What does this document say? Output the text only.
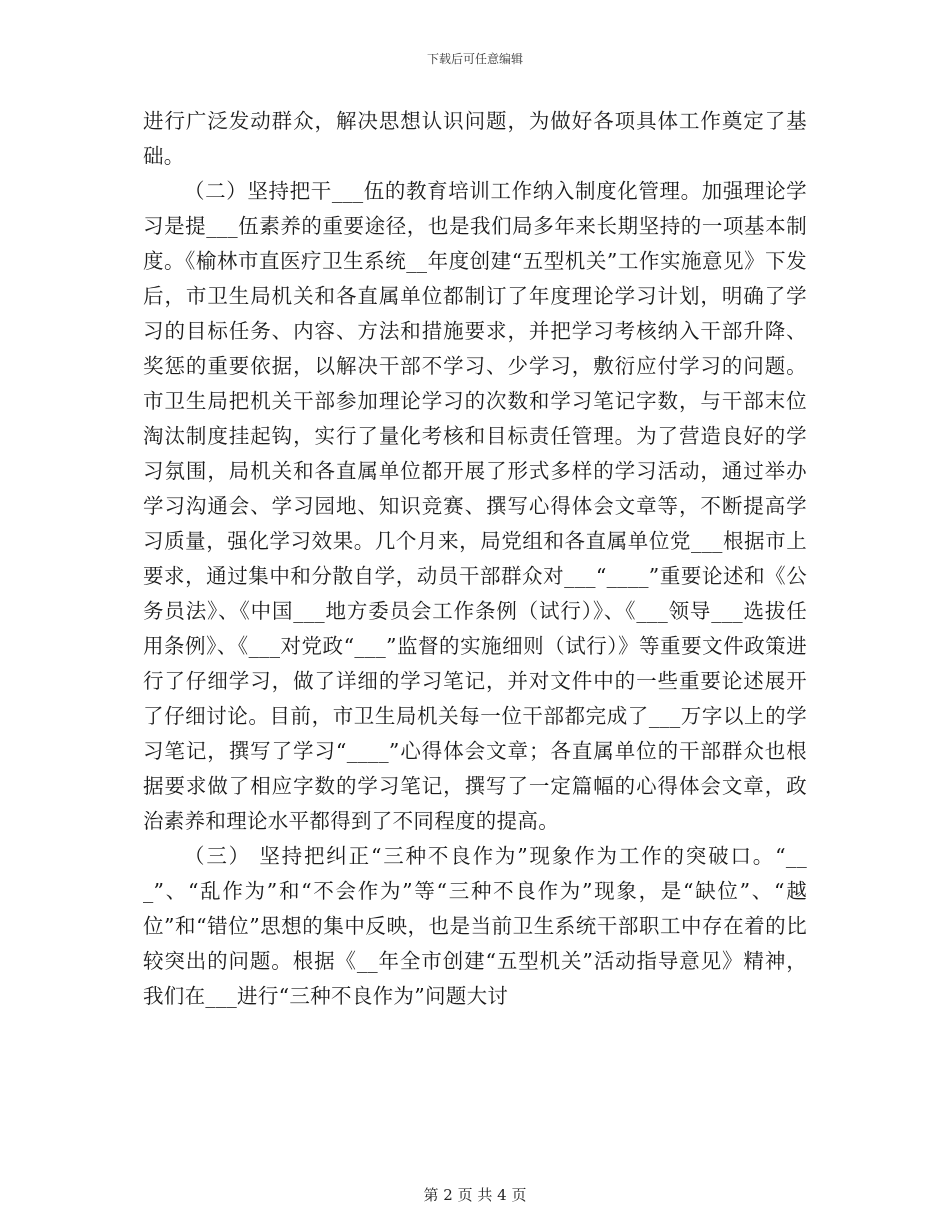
下载后可任意编辑

进行广泛发动群众，解决思想认识问题，为做好各项具体工作奠定了基础。

（二）坚持把干___伍的教育培训工作纳入制度化管理。加强理论学习是提___伍素养的重要途径，也是我们局多年来长期坚持的一项基本制度。《榆林市直医疗卫生系统__年度创建“五型机关”工作实施意见》下发后，市卫生局机关和各直属单位都制订了年度理论学习计划，明确了学习的目标任务、内容、方法和措施要求，并把学习考核纳入干部升降、奖惩的重要依据，以解决干部不学习、少学习，敷衍应付学习的问题。市卫生局把机关干部参加理论学习的次数和学习笔记字数，与干部末位淘汰制度挂起钩，实行了量化考核和目标责任管理。为了营造良好的学习氛围，局机关和各直属单位都开展了形式多样的学习活动，通过举办学习沟通会、学习园地、知识竞赛、撰写心得体会文章等，不断提高学习质量，强化学习效果。几个月来，局党组和各直属单位党___根据市上要求，通过集中和分散自学，动员干部群众对___“____”重要论述和《公务员法》、《中国___地方委员会工作条例（试行）》、《___领导___选拔任用条例》、《___对党政“___”监督的实施细则（试行）》等重要文件政策进行了仔细学习，做了详细的学习笔记，并对文件中的一些重要论述展开了仔细讨论。目前，市卫生局机关每一位干部都完成了___万字以上的学习笔记，撰写了学习“____”心得体会文章；各直属单位的干部群众也根据要求做了相应字数的学习笔记，撰写了一定篇幅的心得体会文章，政治素养和理论水平都得到了不同程度的提高。

（三） 坚持把纠正“三种不良作为”现象作为工作的突破口。“___”、“乱作为”和“不会作为”等“三种不良作为”现象，是“缺位”、“越位”和“错位”思想的集中反映，也是当前卫生系统干部职工中存在着的比较突出的问题。根据《__年全市创建“五型机关”活动指导意见》精神，我们在___进行“三种不良作为”问题大讨

第 2 页 共 4 页
